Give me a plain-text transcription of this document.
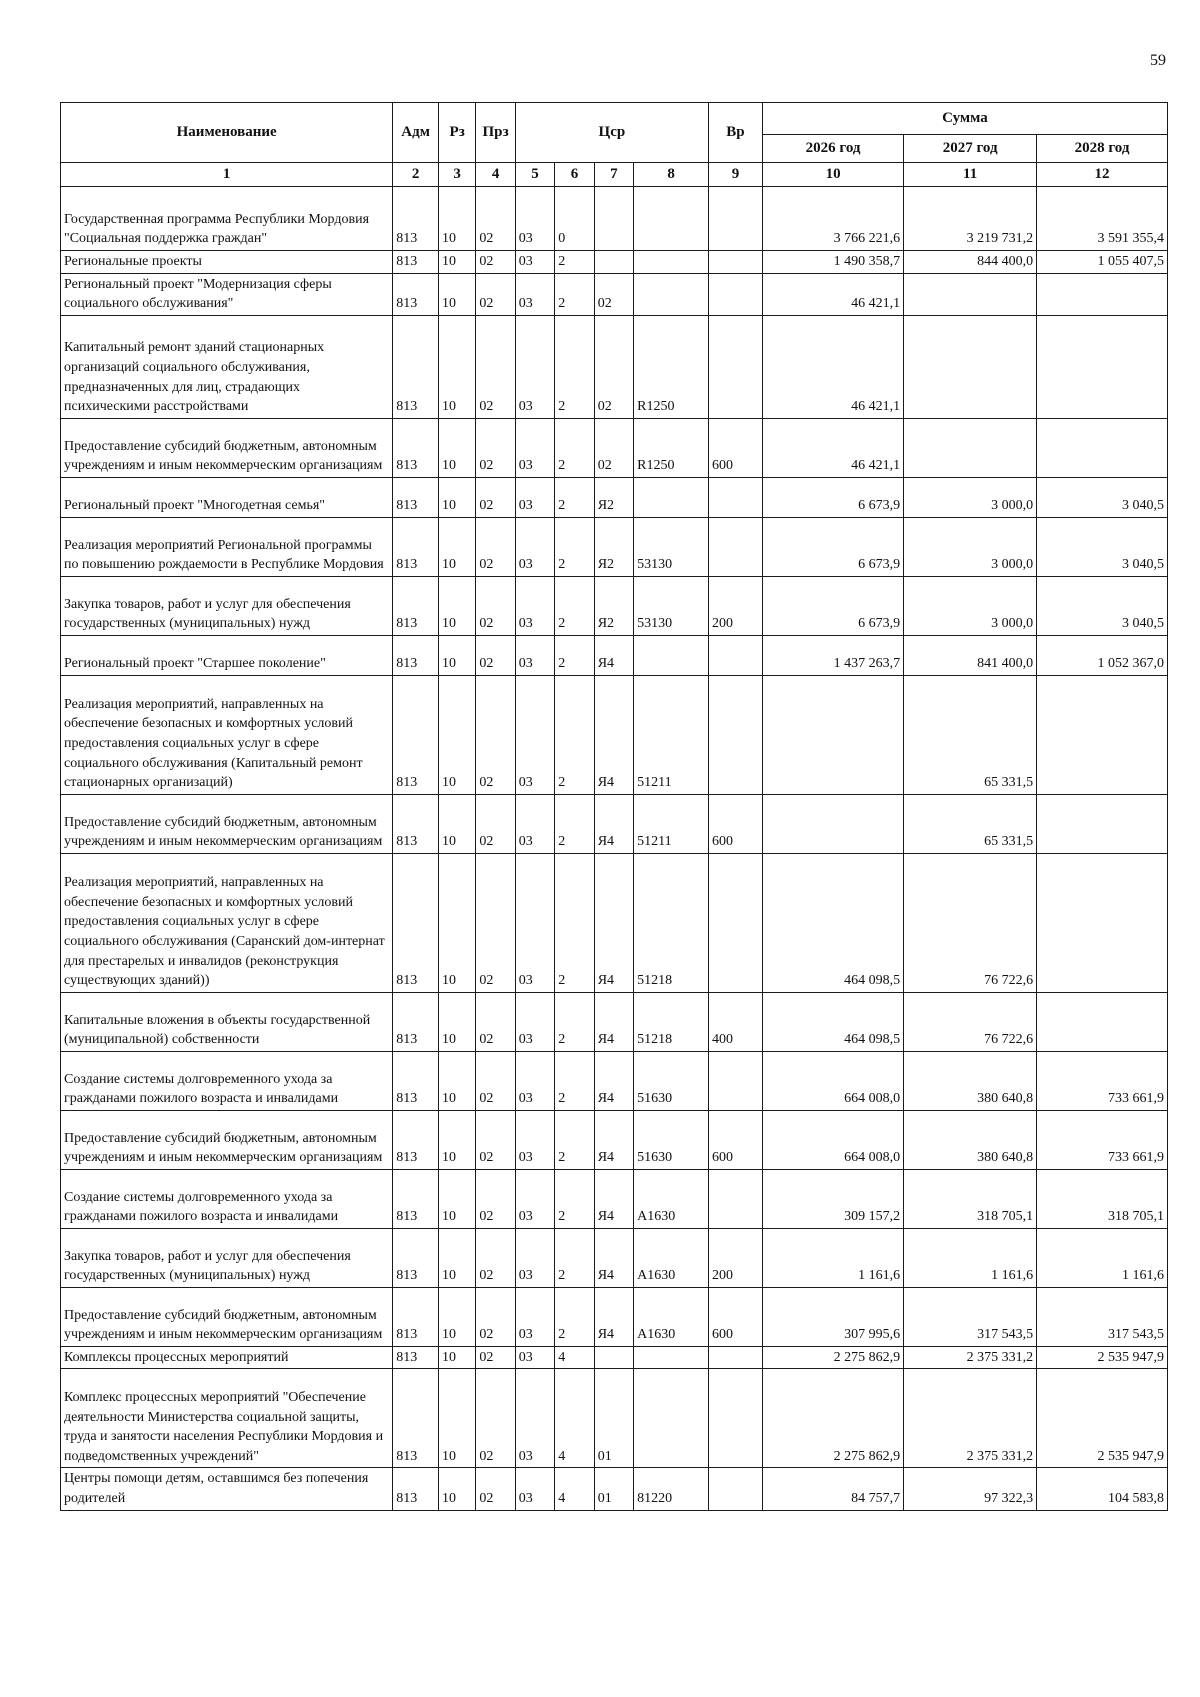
59
Наименование	Адм	Рз	Прз	Цср				Вр	Сумма		
									2026 год	2027 год	2028 год
1	2	3	4	5	6	7	8	9	10	11	12
Государственная программа Республики Мордовия "Социальная поддержка граждан"	813	10	02	03	0				3 766 221,6	3 219 731,2	3 591 355,4
Региональные проекты	813	10	02	03	2				1 490 358,7	844 400,0	1 055 407,5
Региональный проект "Модернизация сферы социального обслуживания"	813	10	02	03	2	02			46 421,1		
Капитальный ремонт зданий стационарных организаций социального обслуживания, предназначенных для лиц, страдающих психическими расстройствами	813	10	02	03	2	02	R1250		46 421,1		
Предоставление субсидий бюджетным, автономным учреждениям и иным некоммерческим организациям	813	10	02	03	2	02	R1250	600	46 421,1		
Региональный проект "Многодетная семья"	813	10	02	03	2	Я2			6 673,9	3 000,0	3 040,5
Реализация мероприятий Региональной программы по повышению рождаемости в Республике Мордовия	813	10	02	03	2	Я2	53130		6 673,9	3 000,0	3 040,5
Закупка товаров, работ и услуг для обеспечения государственных (муниципальных) нужд	813	10	02	03	2	Я2	53130	200	6 673,9	3 000,0	3 040,5
Региональный проект "Старшее поколение"	813	10	02	03	2	Я4			1 437 263,7	841 400,0	1 052 367,0
Реализация мероприятий, направленных на обеспечение безопасных и комфортных условий предоставления социальных услуг в сфере социального обслуживания (Капитальный ремонт стационарных организаций)	813	10	02	03	2	Я4	51211			65 331,5	
Предоставление субсидий бюджетным, автономным учреждениям и иным некоммерческим организациям	813	10	02	03	2	Я4	51211	600		65 331,5	
Реализация мероприятий, направленных на обеспечение безопасных и комфортных условий предоставления социальных услуг в сфере социального обслуживания (Саранский дом-интернат для престарелых и инвалидов (реконструкция существующих зданий))	813	10	02	03	2	Я4	51218		464 098,5	76 722,6	
Капитальные вложения в объекты государственной (муниципальной) собственности	813	10	02	03	2	Я4	51218	400	464 098,5	76 722,6	
Создание системы долговременного ухода за гражданами пожилого возраста и инвалидами	813	10	02	03	2	Я4	51630		664 008,0	380 640,8	733 661,9
Предоставление субсидий бюджетным, автономным учреждениям и иным некоммерческим организациям	813	10	02	03	2	Я4	51630	600	664 008,0	380 640,8	733 661,9
Создание системы долговременного ухода за гражданами пожилого возраста и инвалидами	813	10	02	03	2	Я4	А1630		309 157,2	318 705,1	318 705,1
Закупка товаров, работ и услуг для обеспечения государственных (муниципальных) нужд	813	10	02	03	2	Я4	А1630	200	1 161,6	1 161,6	1 161,6
Предоставление субсидий бюджетным, автономным учреждениям и иным некоммерческим организациям	813	10	02	03	2	Я4	А1630	600	307 995,6	317 543,5	317 543,5
Комплексы процессных мероприятий	813	10	02	03	4				2 275 862,9	2 375 331,2	2 535 947,9
Комплекс процессных мероприятий "Обеспечение деятельности Министерства социальной защиты, труда и занятости населения Республики Мордовия и подведомственных учреждений"	813	10	02	03	4	01			2 275 862,9	2 375 331,2	2 535 947,9
Центры помощи детям, оставшимся без попечения родителей	813	10	02	03	4	01	81220		84 757,7	97 322,3	104 583,8
